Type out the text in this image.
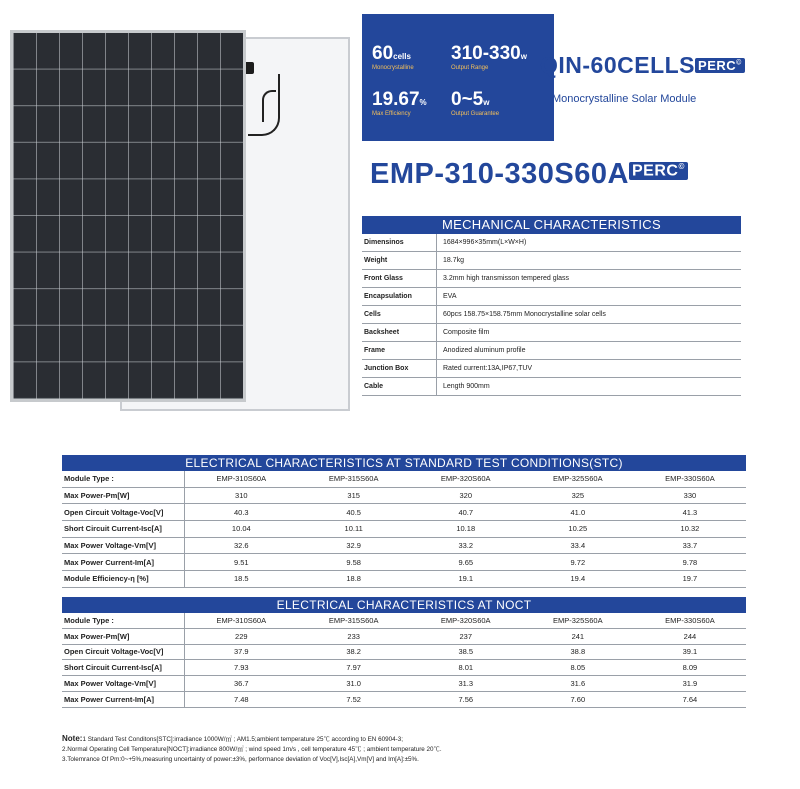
60cells
Monocrystalline
310-330w
Output Range
19.67%
Max Efficiency
0~5w
Output Guarantee
QIN-60CELLS PERC©
Monocrystalline Solar Module
EMP-310-330S60A PERC©
MECHANICAL CHARACTERISTICS
Dimensinos	1684×996×35mm(L×W×H)
Weight	18.7kg
Front Glass	3.2mm high transmisson tempered glass
Encapsulation	EVA
Cells	60pcs 158.75×158.75mm Monocrystalline solar cells
Backsheet	Composite film
Frame	Anodized aluminum profile
Junction Box	Rated current:13A,IP67,TUV
Cable	Length 900mm
ELECTRICAL CHARACTERISTICS AT STANDARD TEST CONDITIONS(STC)
Module Type :	EMP-310S60A	EMP-315S60A	EMP-320S60A	EMP-325S60A	EMP-330S60A
Max Power-Pm[W]	310	315	320	325	330
Open Circuit Voltage-Voc[V]	40.3	40.5	40.7	41.0	41.3
Short Circuit Current-Isc[A]	10.04	10.11	10.18	10.25	10.32
Max Power Voltage-Vm[V]	32.6	32.9	33.2	33.4	33.7
Max Power Current-Im[A]	9.51	9.58	9.65	9.72	9.78
Module Efficiency-η [%]	18.5	18.8	19.1	19.4	19.7
ELECTRICAL CHARACTERISTICS AT NOCT
Module Type :	EMP-310S60A	EMP-315S60A	EMP-320S60A	EMP-325S60A	EMP-330S60A
Max Power-Pm[W]	229	233	237	241	244
Open Circuit Voltage-Voc[V]	37.9	38.2	38.5	38.8	39.1
Short Circuit Current-Isc[A]	7.93	7.97	8.01	8.05	8.09
Max Power Voltage-Vm[V]	36.7	31.0	31.3	31.6	31.9
Max Power Current-Im[A]	7.48	7.52	7.56	7.60	7.64
Note:1 Standard Test Conditons[STC]:irradiance 1000W/㎡ ; AM1.5;ambient temperature 25℃ according to EN 60904-3;
2.Normal Operating Cell Temperature[NOCT]:irradiance 800W/㎡ ; wind speed 1m/s , cell temperature 45℃ ; ambient temperature 20℃.
3.Tolemrance Of Pm:0~+5%,measuring uncertainty of power:±3%, performance deviation of Voc[V],Isc[A],Vm[V] and Im[A]:±5%.
